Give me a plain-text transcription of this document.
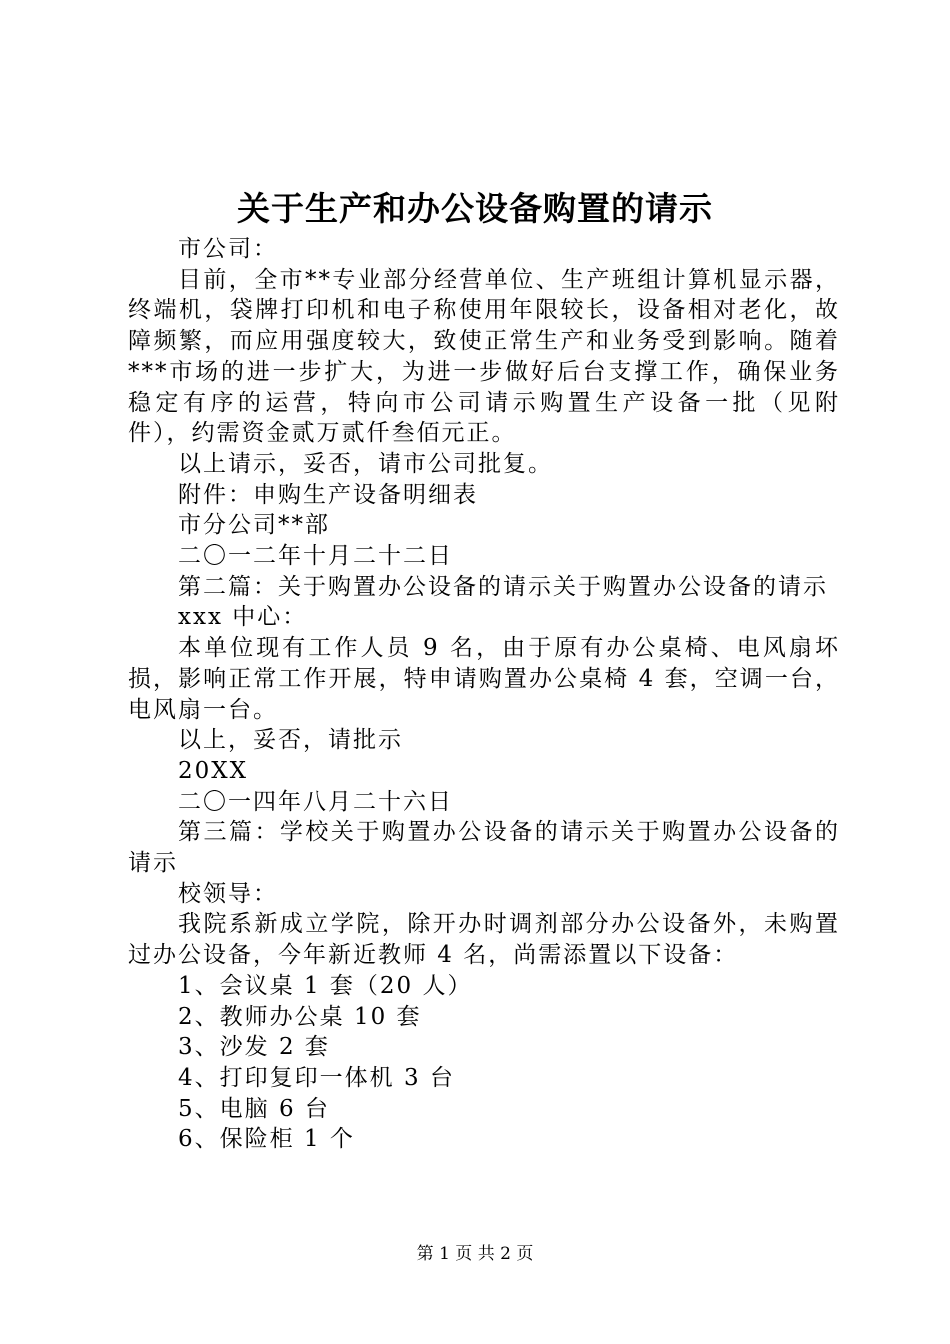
关于生产和办公设备购置的请示

市公司：

目前，全市**专业部分经营单位、生产班组计算机显示器，终端机，袋牌打印机和电子称使用年限较长，设备相对老化，故障频繁，而应用强度较大，致使正常生产和业务受到影响。随着***市场的进一步扩大，为进一步做好后台支撑工作，确保业务稳定有序的运营，特向市公司请示购置生产设备一批（见附件），约需资金贰万贰仟叁佰元正。

以上请示，妥否，请市公司批复。

附件：申购生产设备明细表

市分公司**部

二〇一二年十月二十二日

第二篇：关于购置办公设备的请示关于购置办公设备的请示

xxx 中心：

本单位现有工作人员 9 名，由于原有办公桌椅、电风扇坏损，影响正常工作开展，特申请购置办公桌椅 4 套，空调一台，电风扇一台。

以上，妥否，请批示

20XX

二〇一四年八月二十六日

第三篇：学校关于购置办公设备的请示关于购置办公设备的请示

校领导：

我院系新成立学院，除开办时调剂部分办公设备外，未购置过办公设备，今年新近教师 4 名，尚需添置以下设备：

1、会议桌 1 套（20 人）

2、教师办公桌 10 套

3、沙发 2 套

4、打印复印一体机 3 台

5、电脑 6 台

6、保险柜 1 个

第 1 页 共 2 页
